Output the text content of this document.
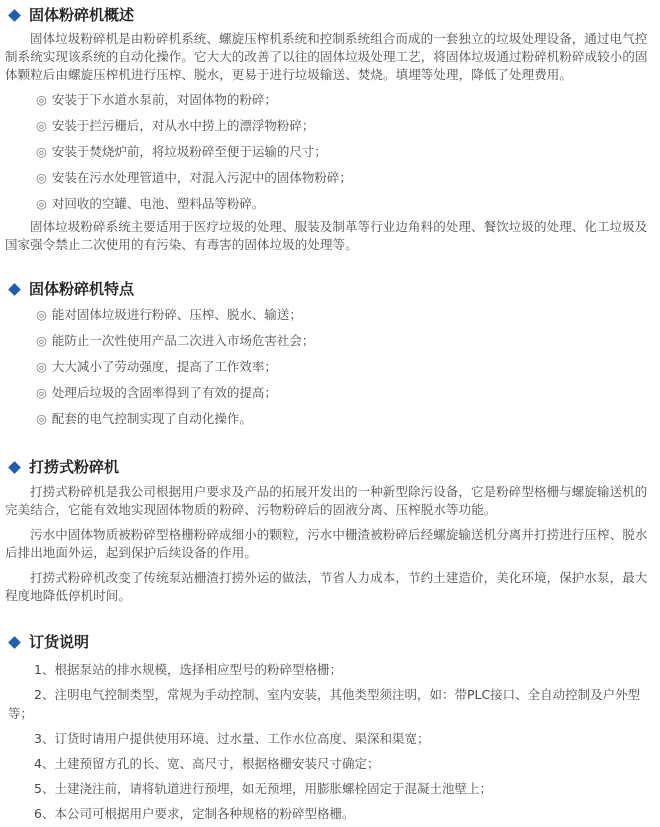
固体粉碎机概述

固体垃圾粉碎机是由粉碎机系统、螺旋压榨机系统和控制系统组合而成的一套独立的垃圾处理设备，通过电气控制系统实现该系统的自动化操作。它大大的改善了以往的固体垃圾处理工艺，将固体垃圾通过粉碎机粉碎成较小的固体颗粒后由螺旋压榨机进行压榨、脱水，更易于进行垃圾输送、焚烧。填埋等处理，降低了处理费用。

◎ 安装于下水道水泵前，对固体物的粉碎；
◎ 安装于拦污栅后，对从水中捞上的漂浮物粉碎；
◎ 安装于焚烧炉前，将垃圾粉碎至便于运输的尺寸；
◎ 安装在污水处理管道中，对混入污泥中的固体物粉碎；
◎ 对回收的空罐、电池、塑料品等粉碎。

固体垃圾粉碎系统主要适用于医疗垃圾的处理、服装及制革等行业边角料的处理、餐饮垃圾的处理、化工垃圾及国家强令禁止二次使用的有污染、有毒害的固体垃圾的处理等。

固体粉碎机特点
◎ 能对固体垃圾进行粉碎、压榨、脱水、输送；
◎ 能防止一次性使用产品二次进入市场危害社会；
◎ 大大减小了劳动强度，提高了工作效率；
◎ 处理后垃圾的含固率得到了有效的提高；
◎ 配套的电气控制实现了自动化操作。
打捞式粉碎机

打捞式粉碎机是我公司根据用户要求及产品的拓展开发出的一种新型除污设备，它是粉碎型格栅与螺旋输送机的完美结合，它能有效地实现固体物质的粉碎、污物粉碎后的固液分离、压榨脱水等功能。

污水中固体物质被粉碎型格栅粉碎成细小的颗粒，污水中栅渣被粉碎后经螺旋输送机分离并打捞进行压榨、脱水后排出地面外运，起到保护后续设备的作用。

打捞式粉碎机改变了传统泵站栅渣打捞外运的做法，节省人力成本，节约土建造价，美化环境，保护水泵，最大程度地降低停机时间。

订货说明
1、根据泵站的排水规模，选择相应型号的粉碎型格栅；
2、注明电气控制类型，常规为手动控制、室内安装，其他类型须注明，如：带PLC接口、全自动控制及户外型等；
3、订货时请用户提供使用环境、过水量、工作水位高度、渠深和渠宽；
4、土建预留方孔的长、宽、高尺寸，根据格栅安装尺寸确定；
5、土建浇注前，请将轨道进行预埋，如无预埋，用膨胀螺栓固定于混凝土池壁上；
6、本公司可根据用户要求，定制各种规格的粉碎型格栅。
